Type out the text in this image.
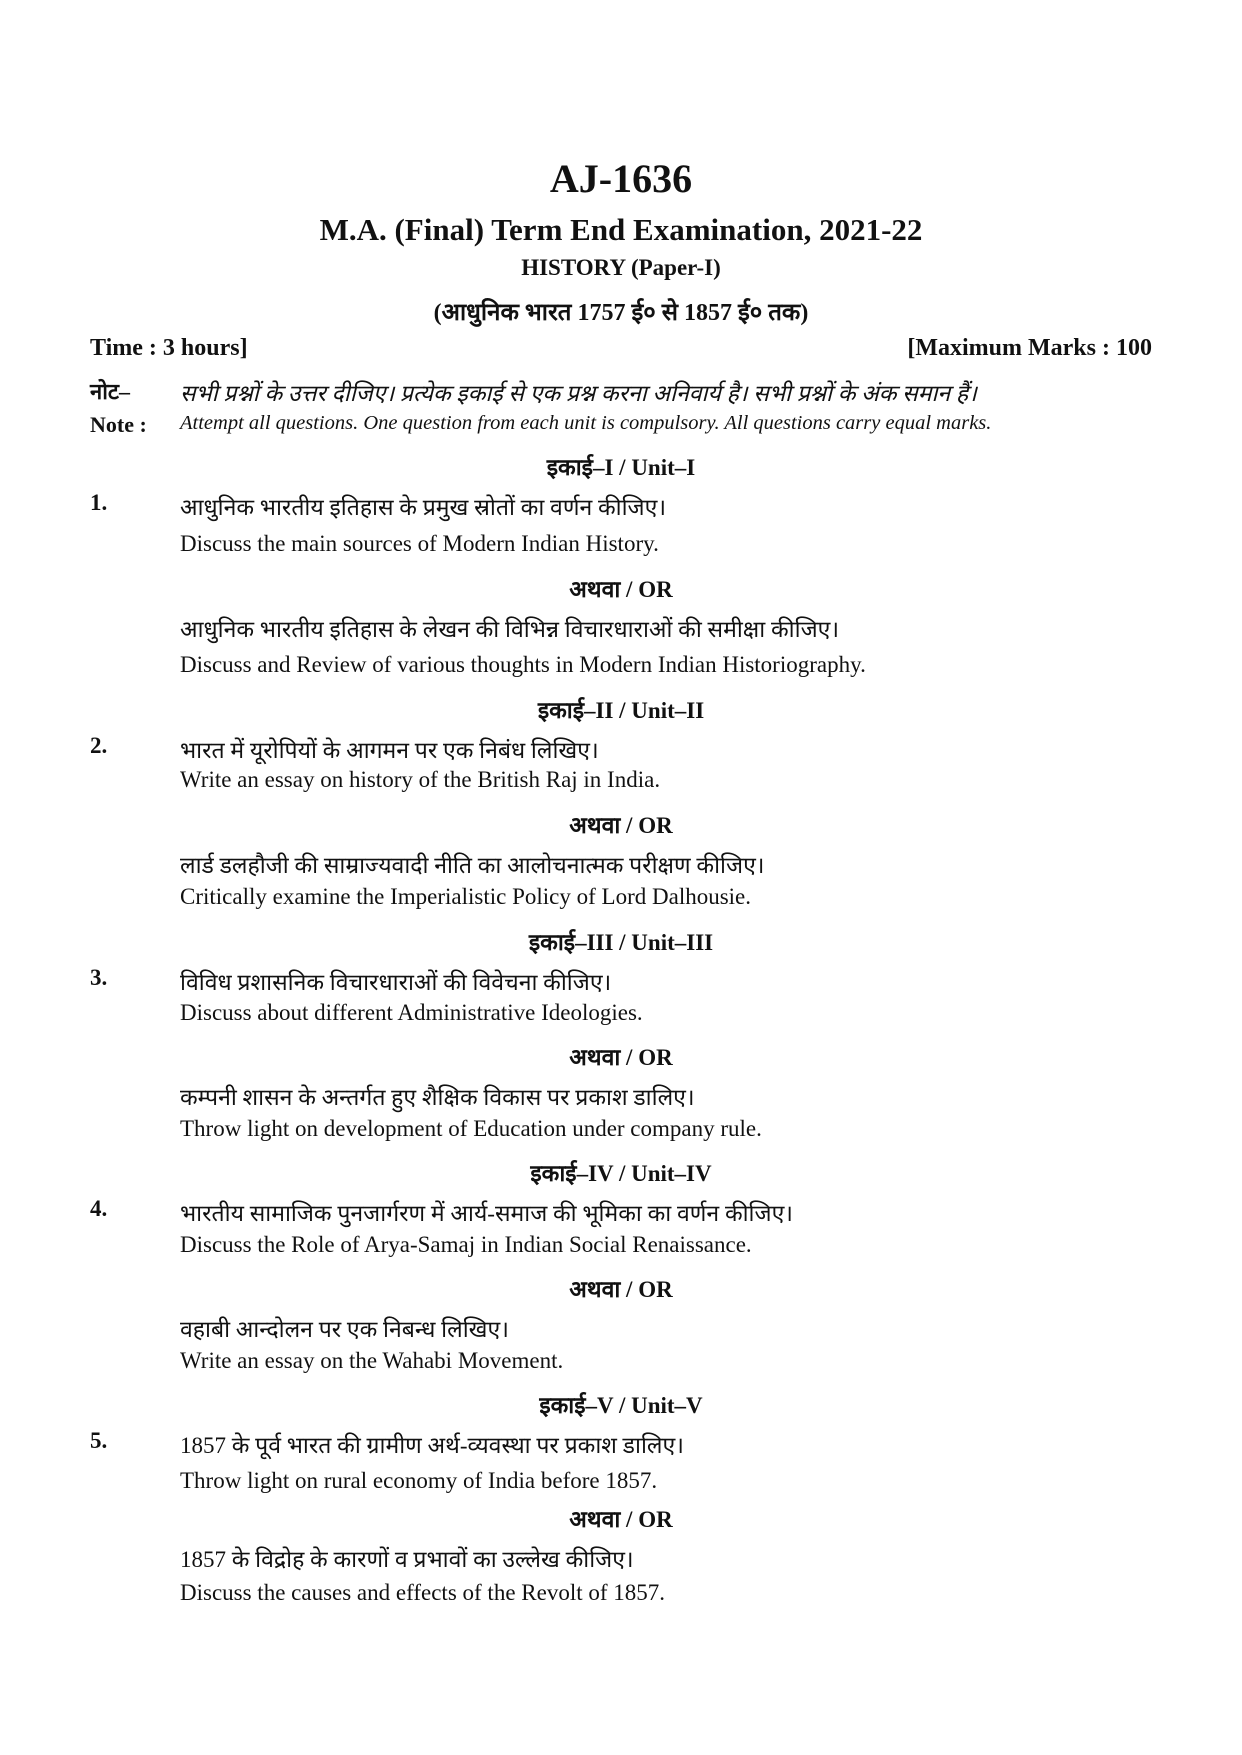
AJ-1636
M.A. (Final) Term End Examination, 2021-22
HISTORY (Paper-I)
(आधुनिक भारत 1757 ई० से 1857 ई० तक)
Time : 3 hours]	[Maximum Marks : 100
नोट– सभी प्रश्नों के उत्तर दीजिए। प्रत्येक इकाई से एक प्रश्न करना अनिवार्य है। सभी प्रश्नों के अंक समान हैं।
Note : Attempt all questions. One question from each unit is compulsory. All questions carry equal marks.
इकाई–I / Unit–I
1.	आधुनिक भारतीय इतिहास के प्रमुख स्रोतों का वर्णन कीजिए।
Discuss the main sources of Modern Indian History.
अथवा / OR
आधुनिक भारतीय इतिहास के लेखन की विभिन्न विचारधाराओं की समीक्षा कीजिए।
Discuss and Review of various thoughts in Modern Indian Historiography.
इकाई–II / Unit–II
2.	भारत में यूरोपियों के आगमन पर एक निबंध लिखिए।
Write an essay on history of the British Raj in India.
अथवा / OR
लार्ड डलहौजी की साम्राज्यवादी नीति का आलोचनात्मक परीक्षण कीजिए।
Critically examine the Imperialistic Policy of Lord Dalhousie.
इकाई–III / Unit–III
3.	विविध प्रशासनिक विचारधाराओं की विवेचना कीजिए।
Discuss about different Administrative Ideologies.
अथवा / OR
कम्पनी शासन के अन्तर्गत हुए शैक्षिक विकास पर प्रकाश डालिए।
Throw light on development of Education under company rule.
इकाई–IV / Unit–IV
4.	भारतीय सामाजिक पुनजार्गरण में आर्य-समाज की भूमिका का वर्णन कीजिए।
Discuss the Role of Arya-Samaj in Indian Social Renaissance.
अथवा / OR
वहाबी आन्दोलन पर एक निबन्ध लिखिए।
Write an essay on the Wahabi Movement.
इकाई–V / Unit–V
5.	1857 के पूर्व भारत की ग्रामीण अर्थ-व्यवस्था पर प्रकाश डालिए।
Throw light on rural economy of India before 1857.
अथवा / OR
1857 के विद्रोह के कारणों व प्रभावों का उल्लेख कीजिए।
Discuss the causes and effects of the Revolt of 1857.
